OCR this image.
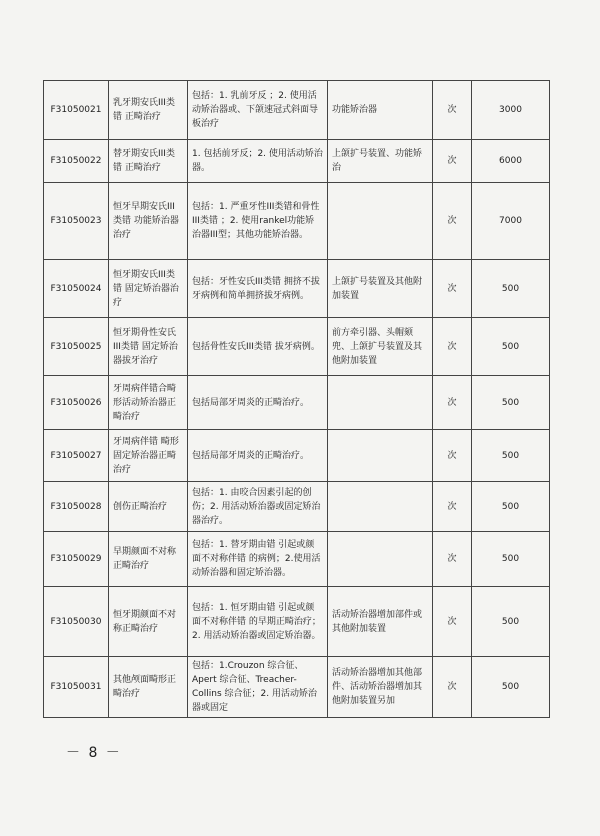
F31050021	乳牙期安氏III类错 正畸治疗	包括：1. 乳前牙反 ；2. 使用活动矫治器或、下颌速冠式斜面导板治疗	功能矫治器	次	3000
F31050022	替牙期安氏III类错 正畸治疗	1. 包括前牙反；2. 使用活动矫治器。	上颌扩号装置、功能矫治	次	6000
F31050023	恒牙早期安氏III类错 功能矫治器治疗	包括：1. 严重牙性III类错和骨性III类错 ；2. 使用rankel功能矫治器III型；其他功能矫治器。		次	7000
F31050024	恒牙期安氏III类错 固定矫治器治疗	包括：牙性安氏III类错 拥挤不拔牙病例和简单拥挤拔牙病例。	上颌扩号装置及其他附加装置	次	500
F31050025	恒牙期骨性安氏III类错 固定矫治器拔牙治疗	包括骨性安氏III类错 拔牙病例。	前方牵引器、头帽颏兜、上颌扩号装置及其他附加装置	次	500
F31050026	牙周病伴错合畸形活动矫治器正畸治疗	包括局部牙周炎的正畸治疗。		次	500
F31050027	牙周病伴错 畸形固定矫治器正畸治疗	包括局部牙周炎的正畸治疗。		次	500
F31050028	创伤正畸治疗	包括：1. 由咬合因素引起的创伤；2. 用活动矫治器或固定矫治器治疗。		次	500
F31050029	早期颜面不对称正畸治疗	包括：1. 替牙期由错 引起或颜面不对称伴错 的病例；2.使用活动矫治器和固定矫治器。		次	500
F31050030	恒牙期颜面不对称正畸治疗	包括：1. 恒牙期由错 引起或颜面不对称伴错 的早期正畸治疗；2. 用活动矫治器或固定矫治器。	活动矫治器增加部件或其他附加装置	次	500
F31050031	其他颅面畸形正畸治疗	包括：1.Crouzon 综合征、Apert 综合征、Treacher-Collins 综合征；2. 用活动矫治器或固定	活动矫治器增加其他部件、活动矫治器增加其他附加装置另加	次	500
－ 8 －
